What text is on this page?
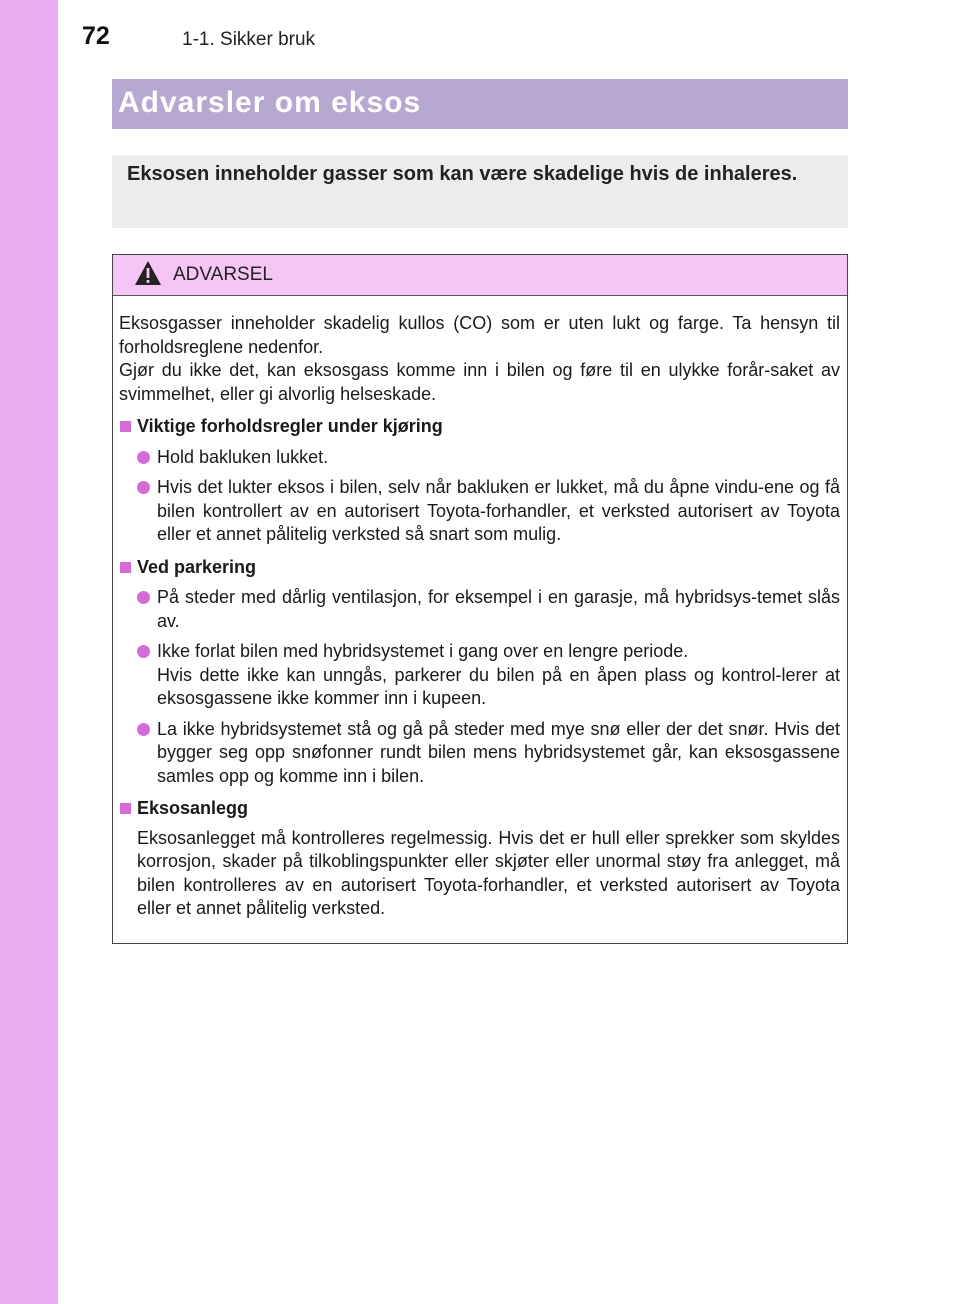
72	1-1. Sikker bruk
Advarsler om eksos
Eksosen inneholder gasser som kan være skadelige hvis de inhaleres.
ADVARSEL

Eksosgasser inneholder skadelig kullos (CO) som er uten lukt og farge. Ta hensyn til forholdsreglene nedenfor.

Gjør du ikke det, kan eksosgass komme inn i bilen og føre til en ulykke forår-saket av svimmelhet, eller gi alvorlig helseskade.

Viktige forholdsregler under kjøring
Hold bakluken lukket.
Hvis det lukter eksos i bilen, selv når bakluken er lukket, må du åpne vindu-ene og få bilen kontrollert av en autorisert Toyota-forhandler, et verksted autorisert av Toyota eller et annet pålitelig verksted så snart som mulig.
Ved parkering
På steder med dårlig ventilasjon, for eksempel i en garasje, må hybridsys-temet slås av.
Ikke forlat bilen med hybridsystemet i gang over en lengre periode.
Hvis dette ikke kan unngås, parkerer du bilen på en åpen plass og kontrol-lerer at eksosgassene ikke kommer inn i kupeen.
La ikke hybridsystemet stå og gå på steder med mye snø eller der det snør. Hvis det bygger seg opp snøfonner rundt bilen mens hybridsystemet går, kan eksosgassene samles opp og komme inn i bilen.
Eksosanlegg
Eksosanlegget må kontrolleres regelmessig. Hvis det er hull eller sprekker som skyldes korrosjon, skader på tilkoblingspunkter eller skjøter eller unormal støy fra anlegget, må bilen kontrolleres av en autorisert Toyota-forhandler, et verksted autorisert av Toyota eller et annet pålitelig verksted.
